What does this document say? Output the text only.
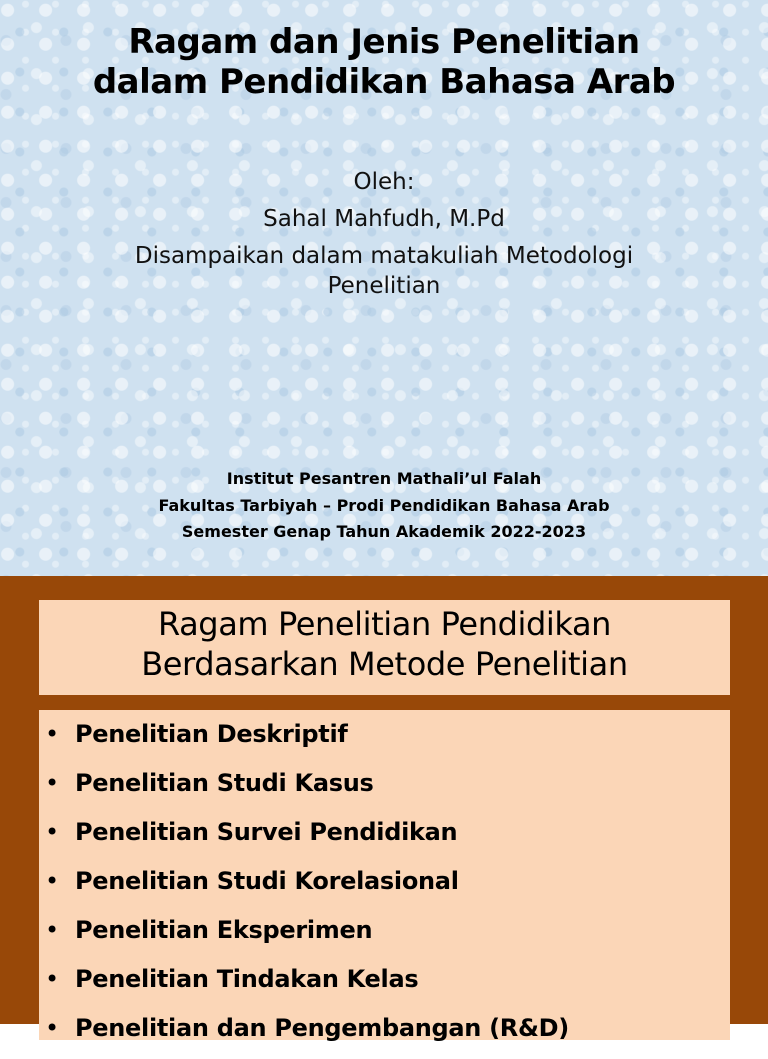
Ragam dan Jenis Penelitian
dalam Pendidikan Bahasa Arab
Oleh:
Sahal Mahfudh, M.Pd
Disampaikan dalam matakuliah Metodologi
Penelitian
Institut Pesantren Mathali’ul Falah
Fakultas Tarbiyah – Prodi Pendidikan Bahasa Arab
Semester Genap Tahun Akademik 2022-2023
Ragam Penelitian Pendidikan
Berdasarkan Metode Penelitian
• Penelitian Deskriptif
• Penelitian Studi Kasus
• Penelitian Survei Pendidikan
• Penelitian Studi Korelasional
• Penelitian Eksperimen
• Penelitian Tindakan Kelas
• Penelitian dan Pengembangan (R&D)
